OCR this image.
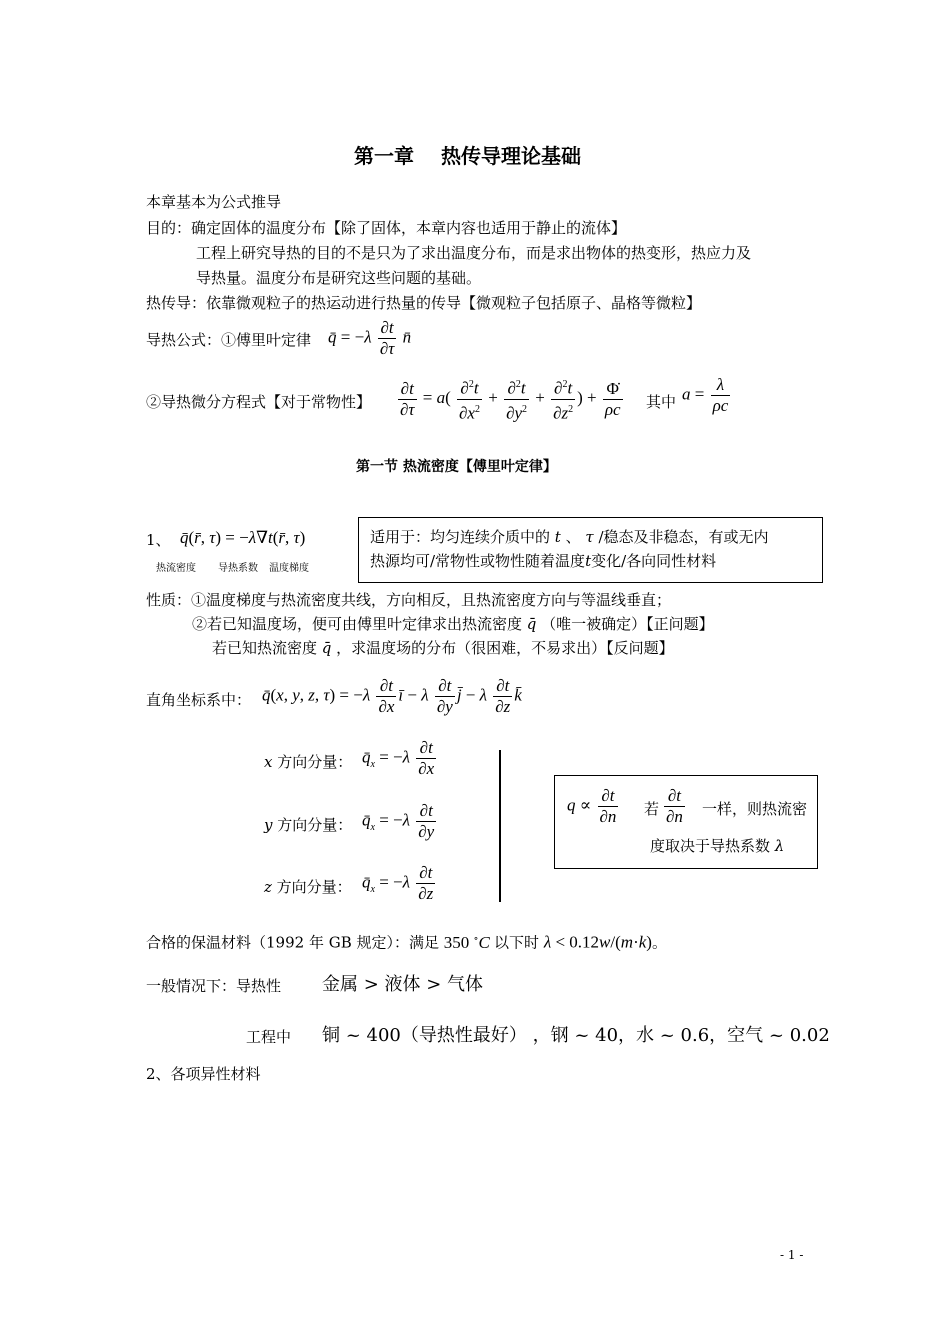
第一章　 热传导理论基础
本章基本为公式推导
目的：确定固体的温度分布【除了固体，本章内容也适用于静止的流体】
工程上研究导热的目的不是只为了求出温度分布，而是求出物体的热变形，热应力及
导热量。温度分布是研究这些问题的基础。
热传导：依靠微观粒子的热运动进行热量的传导【微观粒子包括原子、晶格等微粒】
导热公式：①傅里叶定律 q̄ = $-\lambda \frac{\partial t}{\partial\tau}$ n̄
②导热微分方程式【对于常物性】 $\frac{\partial t}{\partial\tau} = a( \frac{\partial^2t}{\partial x^2} + \frac{\partial^2t}{\partial y^2} + \frac{\partial^2t}{\partial z^2}$ ) + $\frac{\Phi̇}{\rho c}$ 其中 $a = \frac{\lambda}{\rho c}$
第一节 热流密度【傅里叶定律】
1、 q̄(r̄, τ) = −λ∇t(r̄, τ)
热流密度 导热系数 温度梯度
适用于：均匀连续介质中的 t 、 τ /稳态及非稳态，有或无内
热源均可/常物性或物性随着温度t变化/各向同性材料
性质：①温度梯度与热流密度共线，方向相反，且热流密度方向与等温线垂直；
②若已知温度场，便可由傅里叶定律求出热流密度 q̄ （唯一被确定）【正问题】
若已知热流密度 q̄ ，求温度场的分布（很困难，不易求出）【反问题】
直角坐标系中： q̄(x, y, z, $\tau) = -\lambda \frac{\partial t}{\partial x}$ ī − λ $\frac{\partial t}{\partial y}$ j̄ − λ $\frac{\partial t}{\partial z}$ k̄
x 方向分量： $q̄_x = -\lambda \frac{\partial t}{\partial x}$
y 方向分量： $q̄_x = -\lambda \frac{\partial t}{\partial y}$
z 方向分量： $q̄_x = -\lambda \frac{\partial t}{\partial z}$
$q \propto \frac{\partial t}{\partial n}$ 若 $\frac{\partial t}{\partial n}$ 一样，则热流密
度取决于导热系数 λ
合格的保温材料（1992 年 GB 规定）：满足 350 ∘C 以下时 λ < 0.12w/(m·k)。
一般情况下：导热性 金属 > 液体 > 气体
工程中 铜 ~ 400（导热性最好） ，钢 ~ 40，水 ~ 0.6，空气 ~ 0.02
2、各项异性材料
- 1 -
